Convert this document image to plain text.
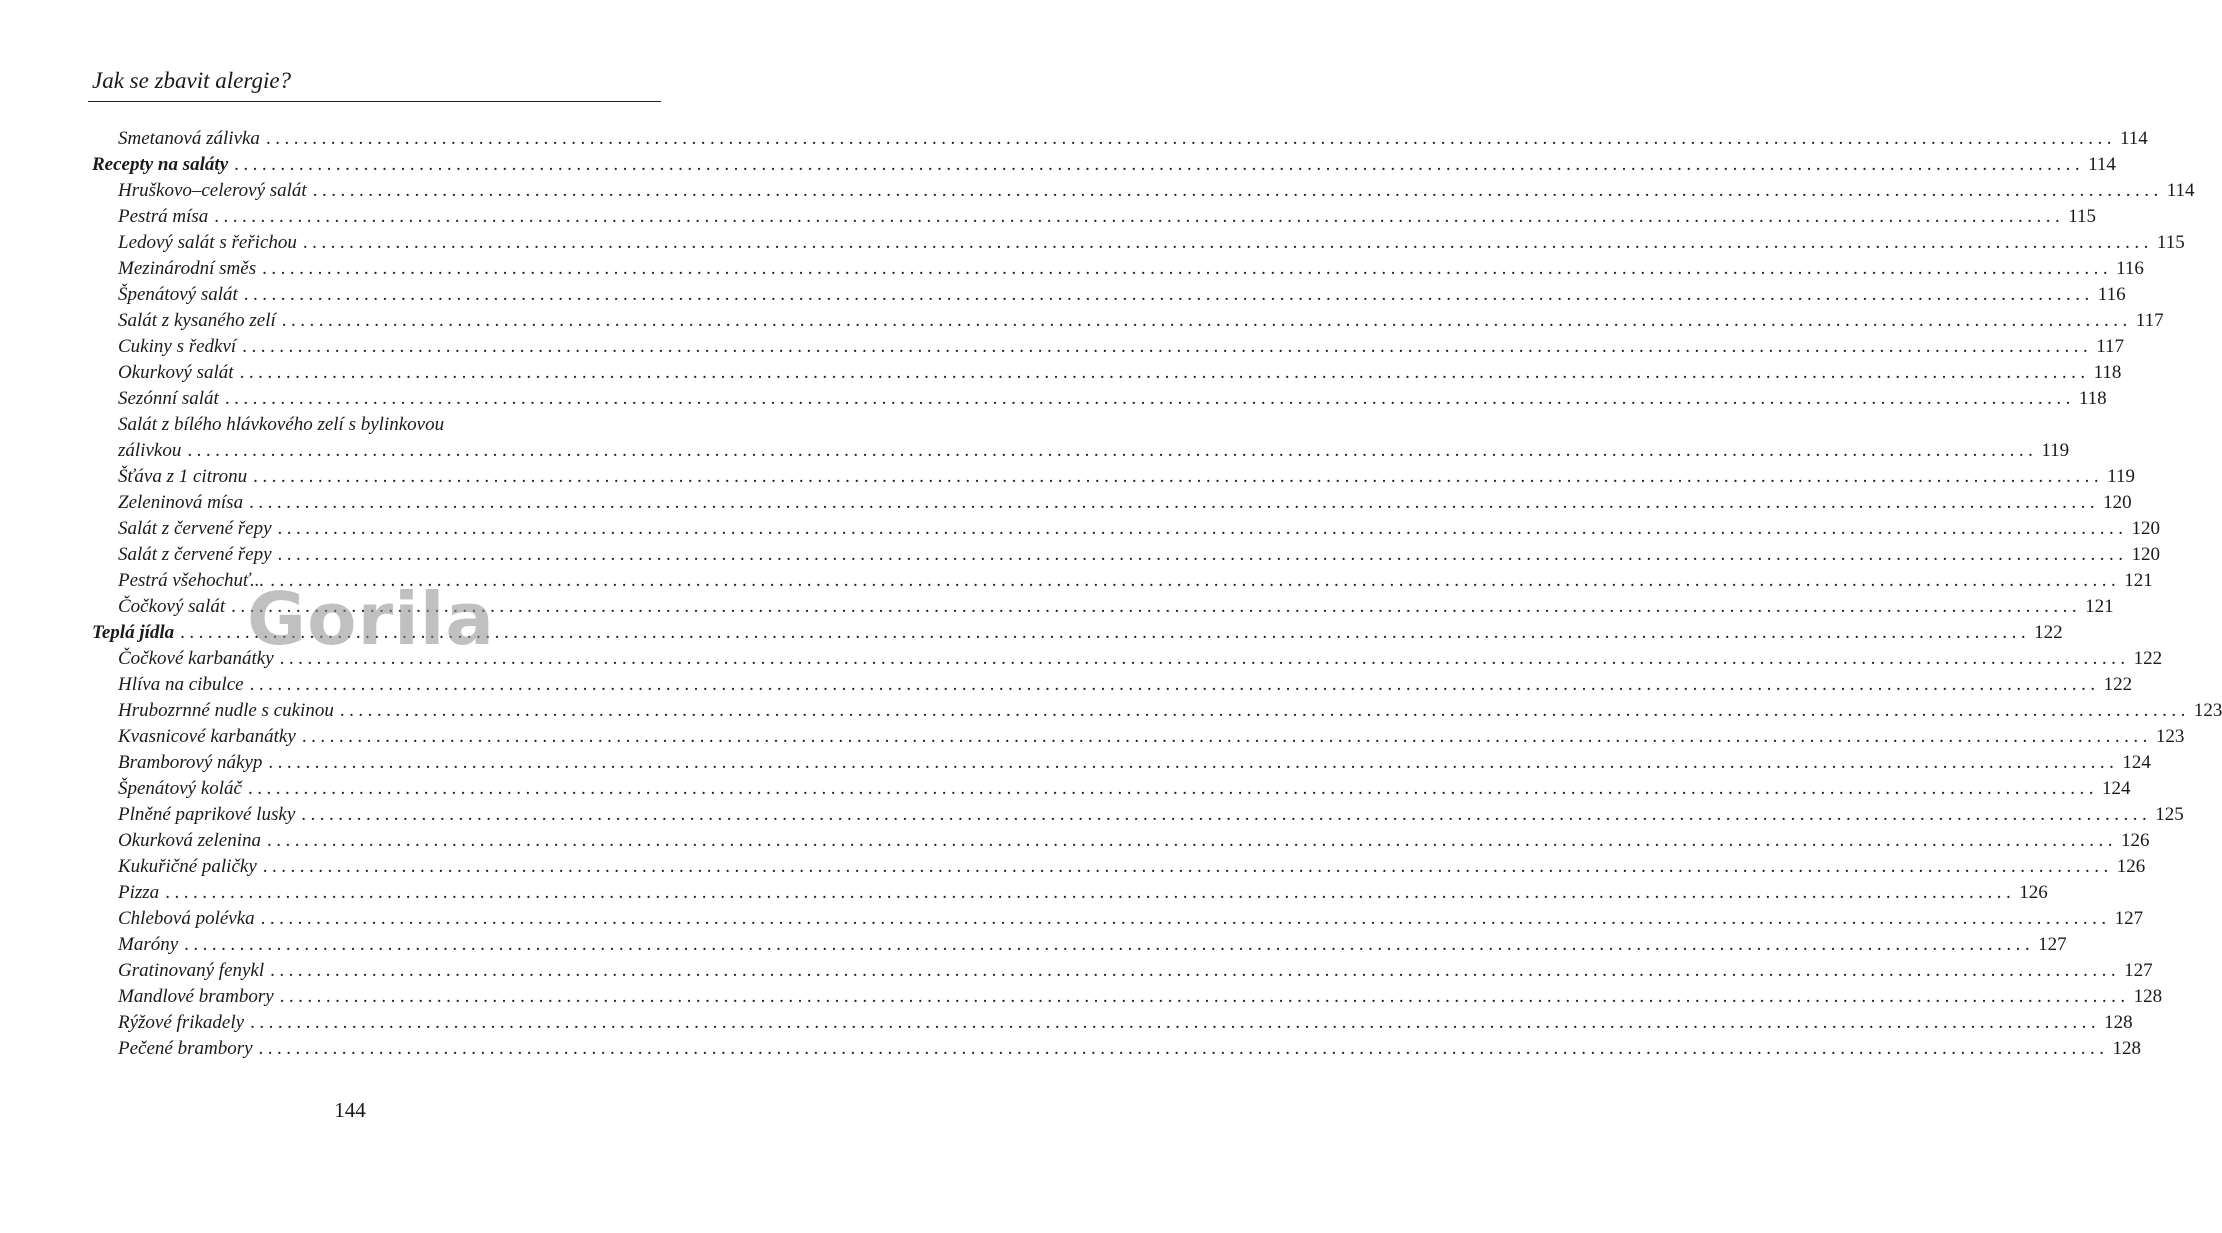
Jak se zbavit alergie?
Smetanová zálivka ........................................................................................................................................................................................................ 114
Recepty na saláty ........................................................................................................................................................................................................ 114
Hruškovo–celerový salát ........................................................................................................................................................................................................ 114
Pestrá mísa ........................................................................................................................................................................................................ 115
Ledový salát s řeřichou ........................................................................................................................................................................................................ 115
Mezinárodní směs ........................................................................................................................................................................................................ 116
Špenátový salát ........................................................................................................................................................................................................ 116
Salát z kysaného zelí ........................................................................................................................................................................................................ 117
Cukiny s ředkví ........................................................................................................................................................................................................ 117
Okurkový salát ........................................................................................................................................................................................................ 118
Sezónní salát ........................................................................................................................................................................................................ 118
Salát z bílého hlávkového zelí s bylinkovou
zálivkou ........................................................................................................................................................................................................ 119
Šťáva z 1 citronu ........................................................................................................................................................................................................ 119
Zeleninová mísa ........................................................................................................................................................................................................ 120
Salát z červené řepy ........................................................................................................................................................................................................ 120
Salát z červené řepy ........................................................................................................................................................................................................ 120
Pestrá všehochuť... ........................................................................................................................................................................................................ 121
Čočkový salát ........................................................................................................................................................................................................ 121
Teplá jídla ........................................................................................................................................................................................................ 122
Čočkové karbanátky ........................................................................................................................................................................................................ 122
Hlíva na cibulce ........................................................................................................................................................................................................ 122
Hrubozrnné nudle s cukinou ........................................................................................................................................................................................................ 123
Kvasnicové karbanátky ........................................................................................................................................................................................................ 123
Bramborový nákyp ........................................................................................................................................................................................................ 124
Špenátový koláč ........................................................................................................................................................................................................ 124
Plněné paprikové lusky ........................................................................................................................................................................................................ 125
Okurková zelenina ........................................................................................................................................................................................................ 126
Kukuřičné paličky ........................................................................................................................................................................................................ 126
Pizza ........................................................................................................................................................................................................ 126
Chlebová polévka ........................................................................................................................................................................................................ 127
Maróny ........................................................................................................................................................................................................ 127
Gratinovaný fenykl ........................................................................................................................................................................................................ 127
Mandlové brambory ........................................................................................................................................................................................................ 128
Rýžové frikadely ........................................................................................................................................................................................................ 128
Pečené brambory ........................................................................................................................................................................................................ 128
Gorila
144
